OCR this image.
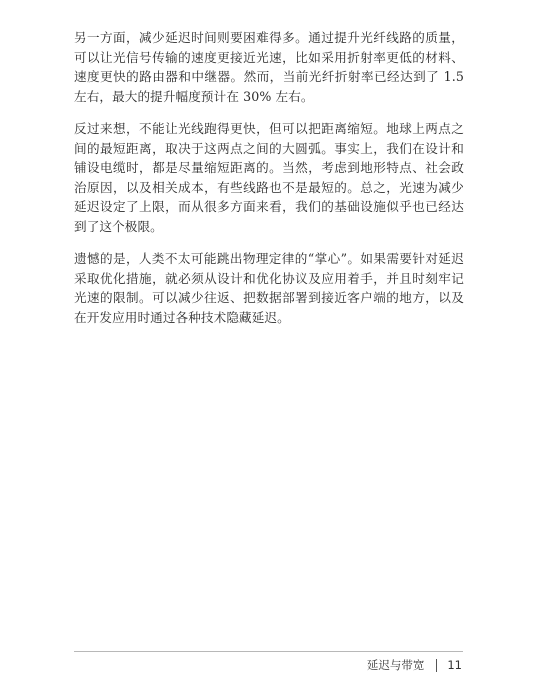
另一方面，减少延迟时间则要困难得多。通过提升光纤线路的质量，可以让光信号传输的速度更接近光速，比如采用折射率更低的材料、速度更快的路由器和中继器。然而，当前光纤折射率已经达到了 1.5 左右，最大的提升幅度预计在 30% 左右。

反过来想，不能让光线跑得更快，但可以把距离缩短。地球上两点之间的最短距离，取决于这两点之间的大圆弧。事实上，我们在设计和铺设电缆时，都是尽量缩短距离的。当然，考虑到地形特点、社会政治原因，以及相关成本，有些线路也不是最短的。总之，光速为减少延迟设定了上限，而从很多方面来看，我们的基础设施似乎也已经达到了这个极限。

遗憾的是，人类不太可能跳出物理定律的“掌心”。如果需要针对延迟采取优化措施，就必须从设计和优化协议及应用着手，并且时刻牢记光速的限制。可以减少往返、把数据部署到接近客户端的地方，以及在开发应用时通过各种技术隐藏延迟。

延迟与带宽 11
